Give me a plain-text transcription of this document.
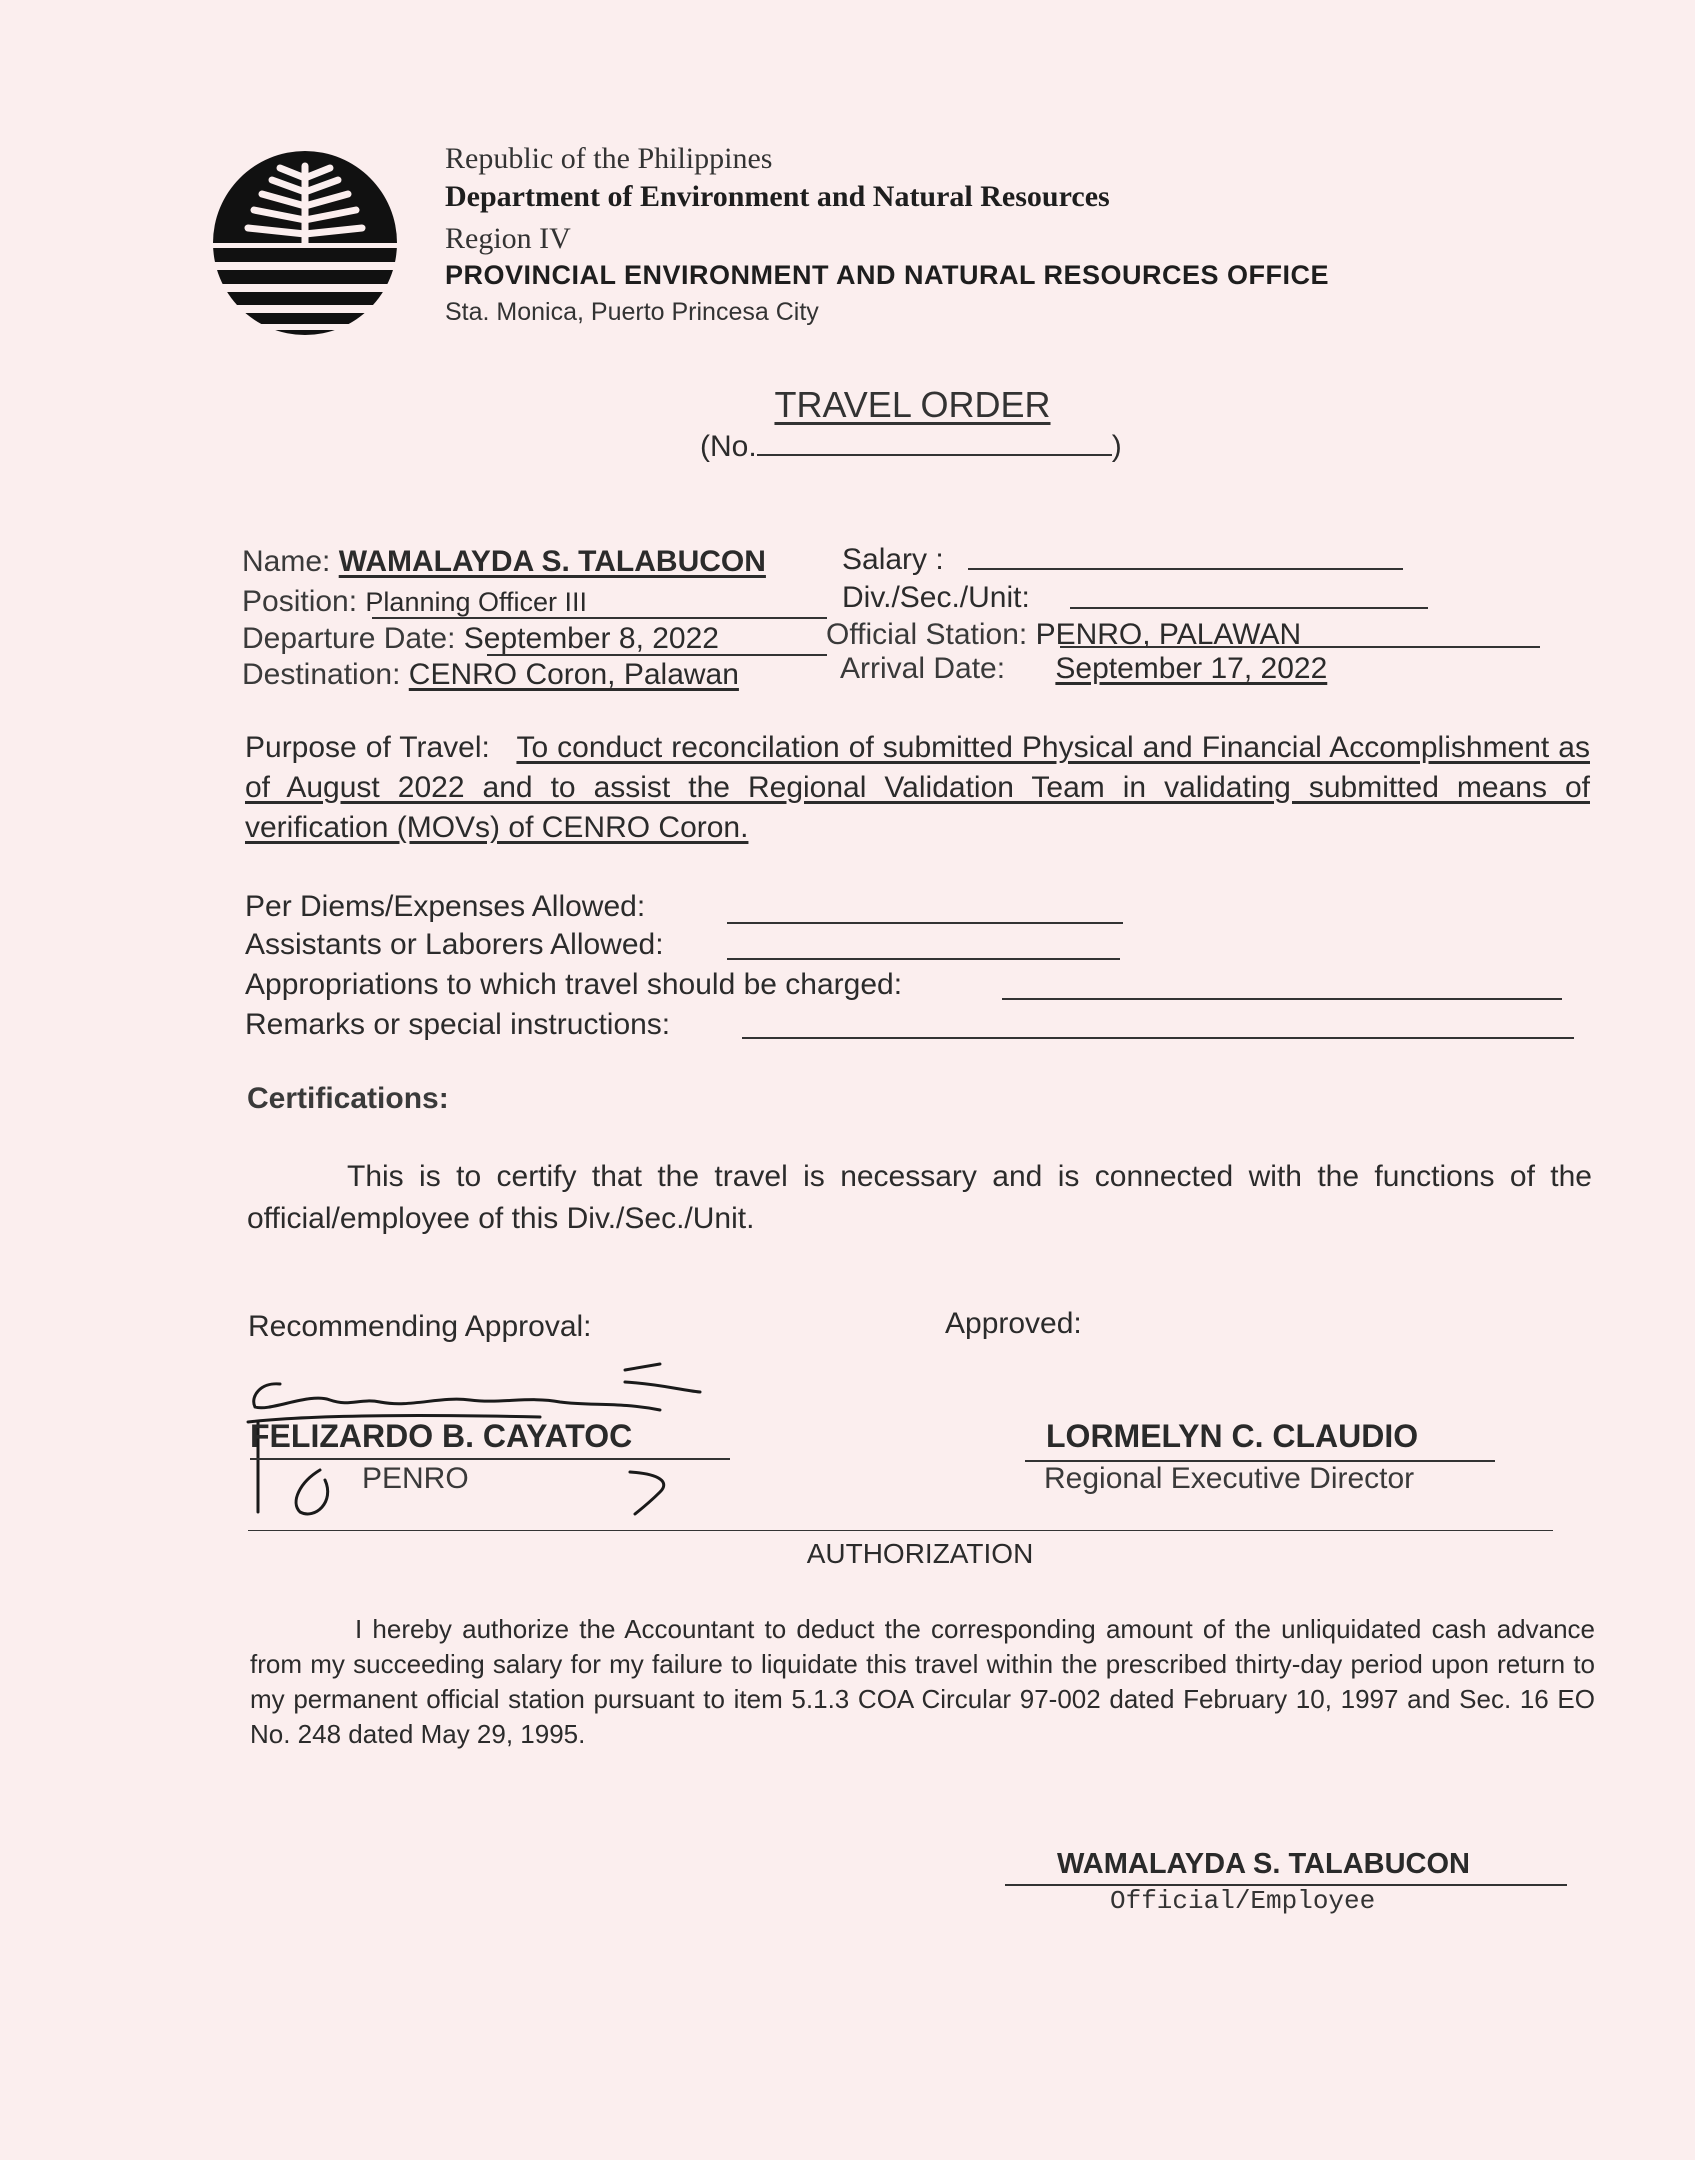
Republic of the Philippines
Department of Environment and Natural Resources
Region IV
PROVINCIAL ENVIRONMENT AND NATURAL RESOURCES OFFICE
Sta. Monica, Puerto Princesa City
TRAVEL ORDER
(No.	)
Name: WAMALAYDA S. TALABUCON	Salary :
Position: Planning Officer III	Div./Sec./Unit:
Departure Date: September 8, 2022	Official Station: PENRO, PALAWAN
Destination: CENRO Coron, Palawan	Arrival Date: September 17, 2022
Purpose of Travel: To conduct reconcilation of submitted Physical and Financial Accomplishment as of August 2022 and to assist the Regional Validation Team in validating submitted means of verification (MOVs) of CENRO Coron.
Per Diems/Expenses Allowed:
Assistants or Laborers Allowed:
Appropriations to which travel should be charged:
Remarks or special instructions:
Certifications:
This is to certify that the travel is necessary and is connected with the functions of the official/employee of this Div./Sec./Unit.
Recommending Approval:	Approved:
FELIZARDO B. CAYATOC
PENRO
LORMELYN C. CLAUDIO
Regional Executive Director
AUTHORIZATION
I hereby authorize the Accountant to deduct the corresponding amount of the unliquidated cash advance from my succeeding salary for my failure to liquidate this travel within the prescribed thirty-day period upon return to my permanent official station pursuant to item 5.1.3 COA Circular 97-002 dated February 10, 1997 and Sec. 16 EO No. 248 dated May 29, 1995.
WAMALAYDA S. TALABUCON
Official/Employee
